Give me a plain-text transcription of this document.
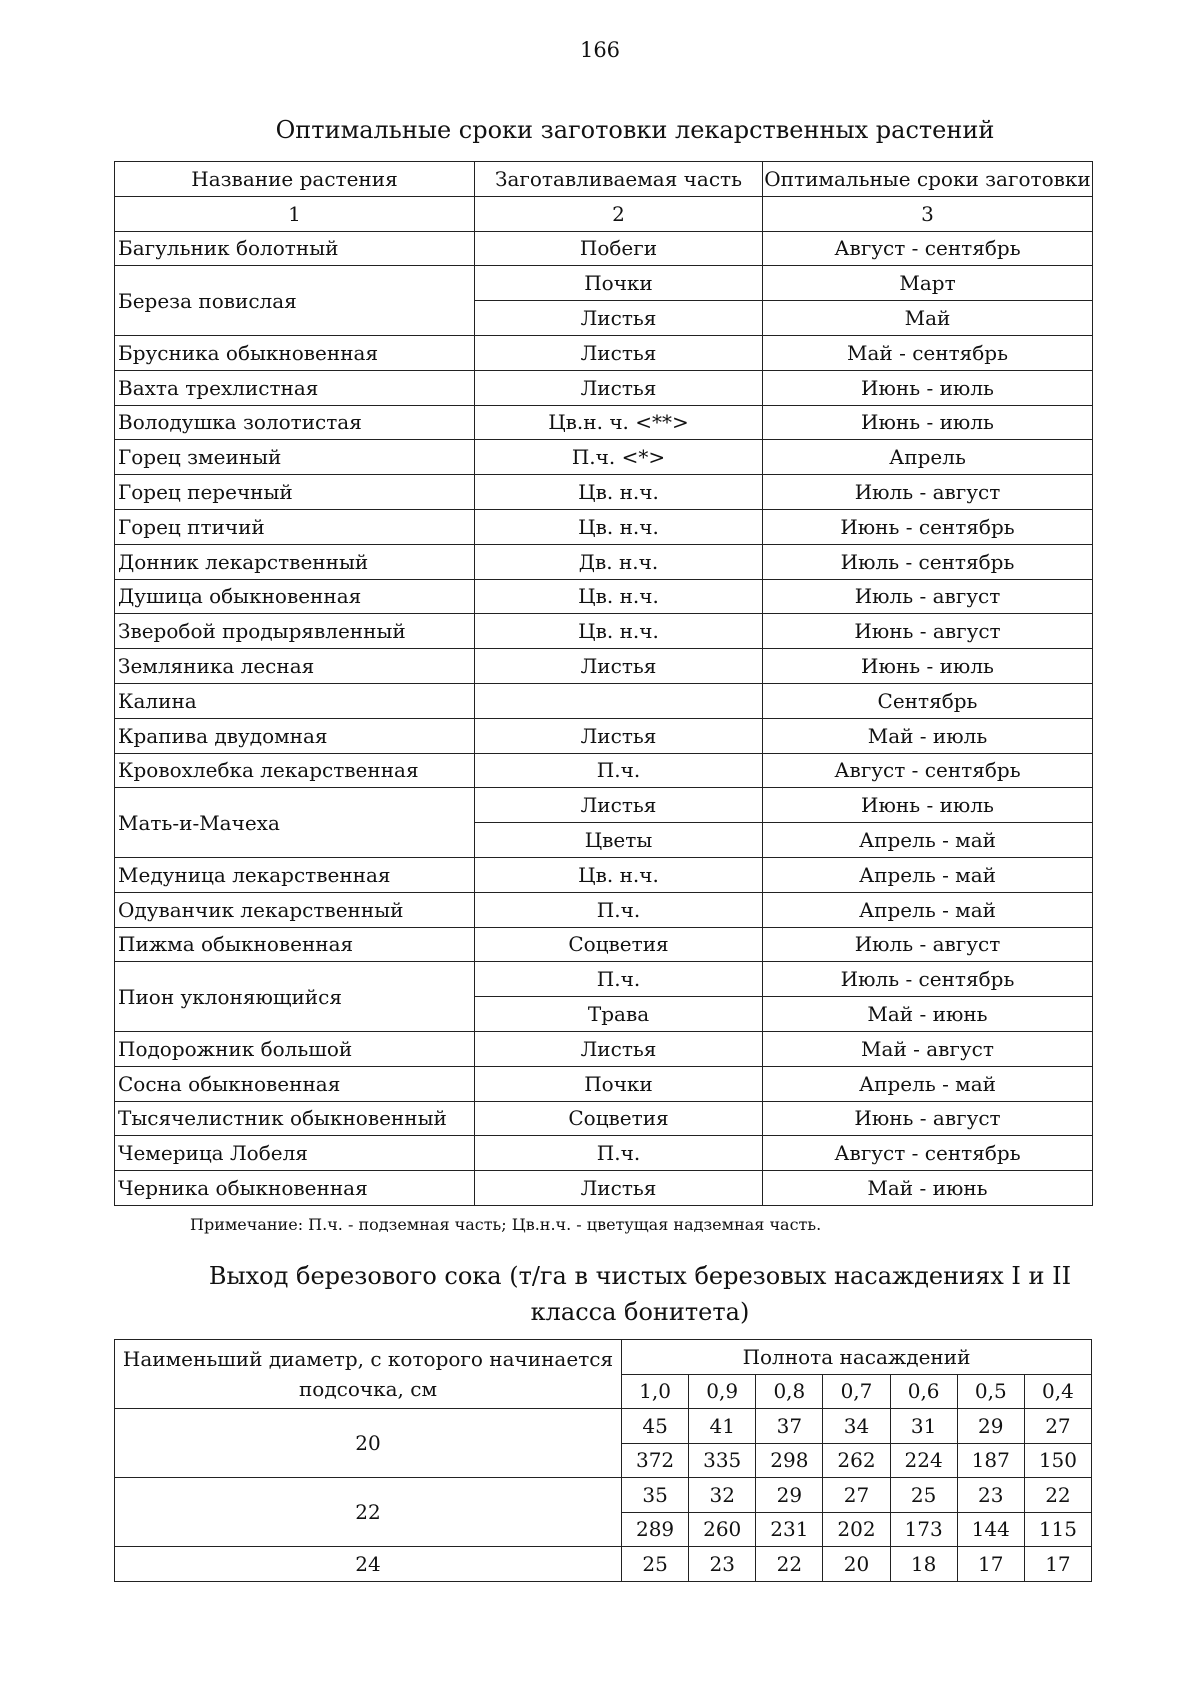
166
Оптимальные сроки заготовки лекарственных растений
Название растения	Заготавливаемая часть	Оптимальные сроки заготовки
1	2	3
Багульник болотный	Побеги	Август - сентябрь
Береза повислая	Почки	Март
	Листья	Май
Брусника обыкновенная	Листья	Май - сентябрь
Вахта трехлистная	Листья	Июнь - июль
Володушка золотистая	Цв.н. ч. <**>	Июнь - июль
Горец змеиный	П.ч. <*>	Апрель
Горец перечный	Цв. н.ч.	Июль - август
Горец птичий	Цв. н.ч.	Июнь - сентябрь
Донник лекарственный	Дв. н.ч.	Июль - сентябрь
Душица обыкновенная	Цв. н.ч.	Июль - август
Зверобой продырявленный	Цв. н.ч.	Июнь - август
Земляника лесная	Листья	Июнь - июль
Калина		Сентябрь
Крапива двудомная	Листья	Май - июль
Кровохлебка лекарственная	П.ч.	Август - сентябрь
Мать-и-Мачеха	Листья	Июнь - июль
	Цветы	Апрель - май
Медуница лекарственная	Цв. н.ч.	Апрель - май
Одуванчик лекарственный	П.ч.	Апрель - май
Пижма обыкновенная	Соцветия	Июль - август
Пион уклоняющийся	П.ч.	Июль - сентябрь
	Трава	Май - июнь
Подорожник большой	Листья	Май - август
Сосна обыкновенная	Почки	Апрель - май
Тысячелистник обыкновенный	Соцветия	Июнь - август
Чемерица Лобеля	П.ч.	Август - сентябрь
Черника обыкновенная	Листья	Май - июнь
Примечание: П.ч. - подземная часть; Цв.н.ч. - цветущая надземная часть.
Выход березового сока (т/га в чистых березовых насаждениях I и II класса бонитета)
Наименьший диаметр, с которого начинается подсочка, см	Полнота насаждений						
	1,0	0,9	0,8	0,7	0,6	0,5	0,4
20	45	41	37	34	31	29	27
	372	335	298	262	224	187	150
22	35	32	29	27	25	23	22
	289	260	231	202	173	144	115
24	25	23	22	20	18	17	17
